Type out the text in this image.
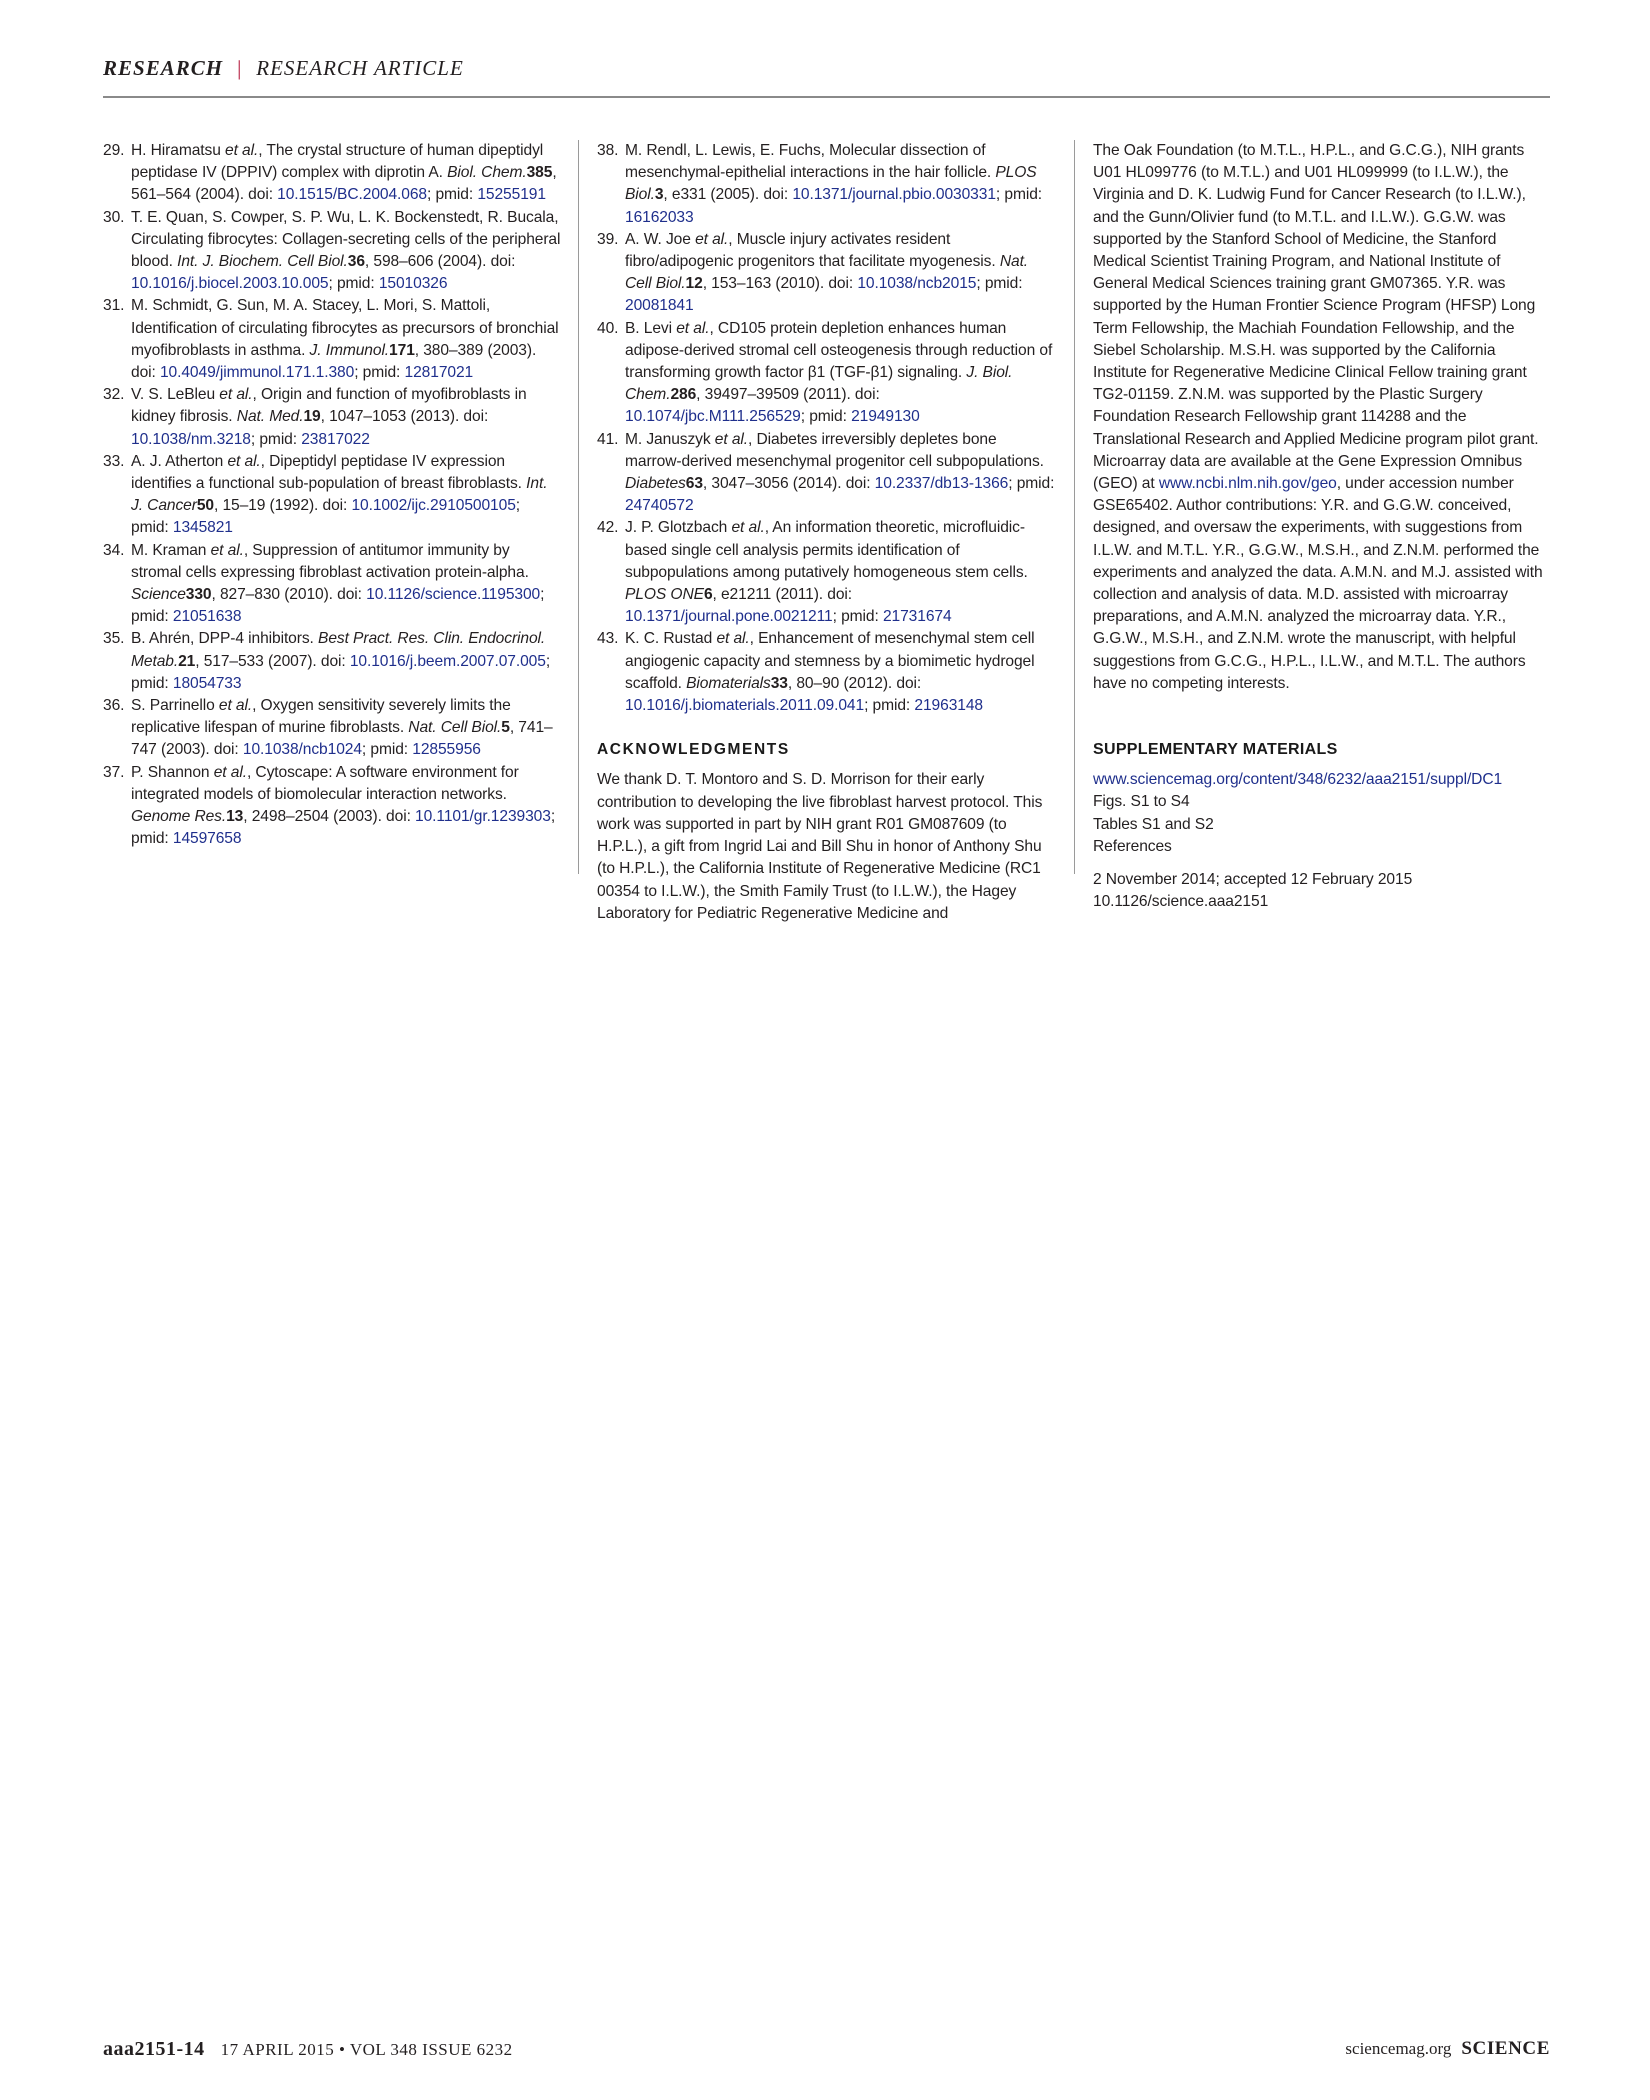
RESEARCH | RESEARCH ARTICLE

29. H. Hiramatsu et al., The crystal structure of human dipeptidyl peptidase IV (DPPIV) complex with diprotin A. Biol. Chem.385, 561–564 (2004). doi: 10.1515/BC.2004.068; pmid: 15255191

30. T. E. Quan, S. Cowper, S. P. Wu, L. K. Bockenstedt, R. Bucala, Circulating fibrocytes: Collagen-secreting cells of the peripheral blood. Int. J. Biochem. Cell Biol.36, 598–606 (2004). doi: 10.1016/j.biocel.2003.10.005; pmid: 15010326

31. M. Schmidt, G. Sun, M. A. Stacey, L. Mori, S. Mattoli, Identification of circulating fibrocytes as precursors of bronchial myofibroblasts in asthma. J. Immunol.171, 380–389 (2003). doi: 10.4049/jimmunol.171.1.380; pmid: 12817021

32. V. S. LeBleu et al., Origin and function of myofibroblasts in kidney fibrosis. Nat. Med.19, 1047–1053 (2013). doi: 10.1038/nm.3218; pmid: 23817022

33. A. J. Atherton et al., Dipeptidyl peptidase IV expression identifies a functional sub-population of breast fibroblasts. Int. J. Cancer50, 15–19 (1992). doi: 10.1002/ijc.2910500105; pmid: 1345821

34. M. Kraman et al., Suppression of antitumor immunity by stromal cells expressing fibroblast activation protein-alpha. Science330, 827–830 (2010). doi: 10.1126/science.1195300; pmid: 21051638

35. B. Ahrén, DPP-4 inhibitors. Best Pract. Res. Clin. Endocrinol. Metab.21, 517–533 (2007). doi: 10.1016/j.beem.2007.07.005; pmid: 18054733

36. S. Parrinello et al., Oxygen sensitivity severely limits the replicative lifespan of murine fibroblasts. Nat. Cell Biol.5, 741–747 (2003). doi: 10.1038/ncb1024; pmid: 12855956

37. P. Shannon et al., Cytoscape: A software environment for integrated models of biomolecular interaction networks. Genome Res.13, 2498–2504 (2003). doi: 10.1101/gr.1239303; pmid: 14597658

38. M. Rendl, L. Lewis, E. Fuchs, Molecular dissection of mesenchymal-epithelial interactions in the hair follicle. PLOS Biol.3, e331 (2005). doi: 10.1371/journal.pbio.0030331; pmid: 16162033

39. A. W. Joe et al., Muscle injury activates resident fibro/adipogenic progenitors that facilitate myogenesis. Nat. Cell Biol.12, 153–163 (2010). doi: 10.1038/ncb2015; pmid: 20081841

40. B. Levi et al., CD105 protein depletion enhances human adipose-derived stromal cell osteogenesis through reduction of transforming growth factor β1 (TGF-β1) signaling. J. Biol. Chem.286, 39497–39509 (2011). doi: 10.1074/jbc.M111.256529; pmid: 21949130

41. M. Januszyk et al., Diabetes irreversibly depletes bone marrow-derived mesenchymal progenitor cell subpopulations. Diabetes63, 3047–3056 (2014). doi: 10.2337/db13-1366; pmid: 24740572

42. J. P. Glotzbach et al., An information theoretic, microfluidic-based single cell analysis permits identification of subpopulations among putatively homogeneous stem cells. PLOS ONE6, e21211 (2011). doi: 10.1371/journal.pone.0021211; pmid: 21731674

43. K. C. Rustad et al., Enhancement of mesenchymal stem cell angiogenic capacity and stemness by a biomimetic hydrogel scaffold. Biomaterials33, 80–90 (2012). doi: 10.1016/j.biomaterials.2011.09.041; pmid: 21963148

ACKNOWLEDGMENTS

We thank D. T. Montoro and S. D. Morrison for their early contribution to developing the live fibroblast harvest protocol. This work was supported in part by NIH grant R01 GM087609 (to H.P.L.), a gift from Ingrid Lai and Bill Shu in honor of Anthony Shu (to H.P.L.), the California Institute of Regenerative Medicine (RC1 00354 to I.L.W.), the Smith Family Trust (to I.L.W.), the Hagey Laboratory for Pediatric Regenerative Medicine and

The Oak Foundation (to M.T.L., H.P.L., and G.C.G.), NIH grants U01 HL099776 (to M.T.L.) and U01 HL099999 (to I.L.W.), the Virginia and D. K. Ludwig Fund for Cancer Research (to I.L.W.), and the Gunn/Olivier fund (to M.T.L. and I.L.W.). G.G.W. was supported by the Stanford School of Medicine, the Stanford Medical Scientist Training Program, and National Institute of General Medical Sciences training grant GM07365. Y.R. was supported by the Human Frontier Science Program (HFSP) Long Term Fellowship, the Machiah Foundation Fellowship, and the Siebel Scholarship. M.S.H. was supported by the California Institute for Regenerative Medicine Clinical Fellow training grant TG2-01159. Z.N.M. was supported by the Plastic Surgery Foundation Research Fellowship grant 114288 and the Translational Research and Applied Medicine program pilot grant. Microarray data are available at the Gene Expression Omnibus (GEO) at www.ncbi.nlm.nih.gov/geo, under accession number GSE65402. Author contributions: Y.R. and G.G.W. conceived, designed, and oversaw the experiments, with suggestions from I.L.W. and M.T.L. Y.R., G.G.W., M.S.H., and Z.N.M. performed the experiments and analyzed the data. A.M.N. and M.J. assisted with collection and analysis of data. M.D. assisted with microarray preparations, and A.M.N. analyzed the microarray data. Y.R., G.G.W., M.S.H., and Z.N.M. wrote the manuscript, with helpful suggestions from G.C.G., H.P.L., I.L.W., and M.T.L. The authors have no competing interests.

SUPPLEMENTARY MATERIALS
www.sciencemag.org/content/348/6232/aaa2151/suppl/DC1
Figs. S1 to S4
Tables S1 and S2
References
2 November 2014; accepted 12 February 2015
10.1126/science.aaa2151
aaa2151-14 17 APRIL 2015 • VOL 348 ISSUE 6232	sciencemag.org SCIENCE
